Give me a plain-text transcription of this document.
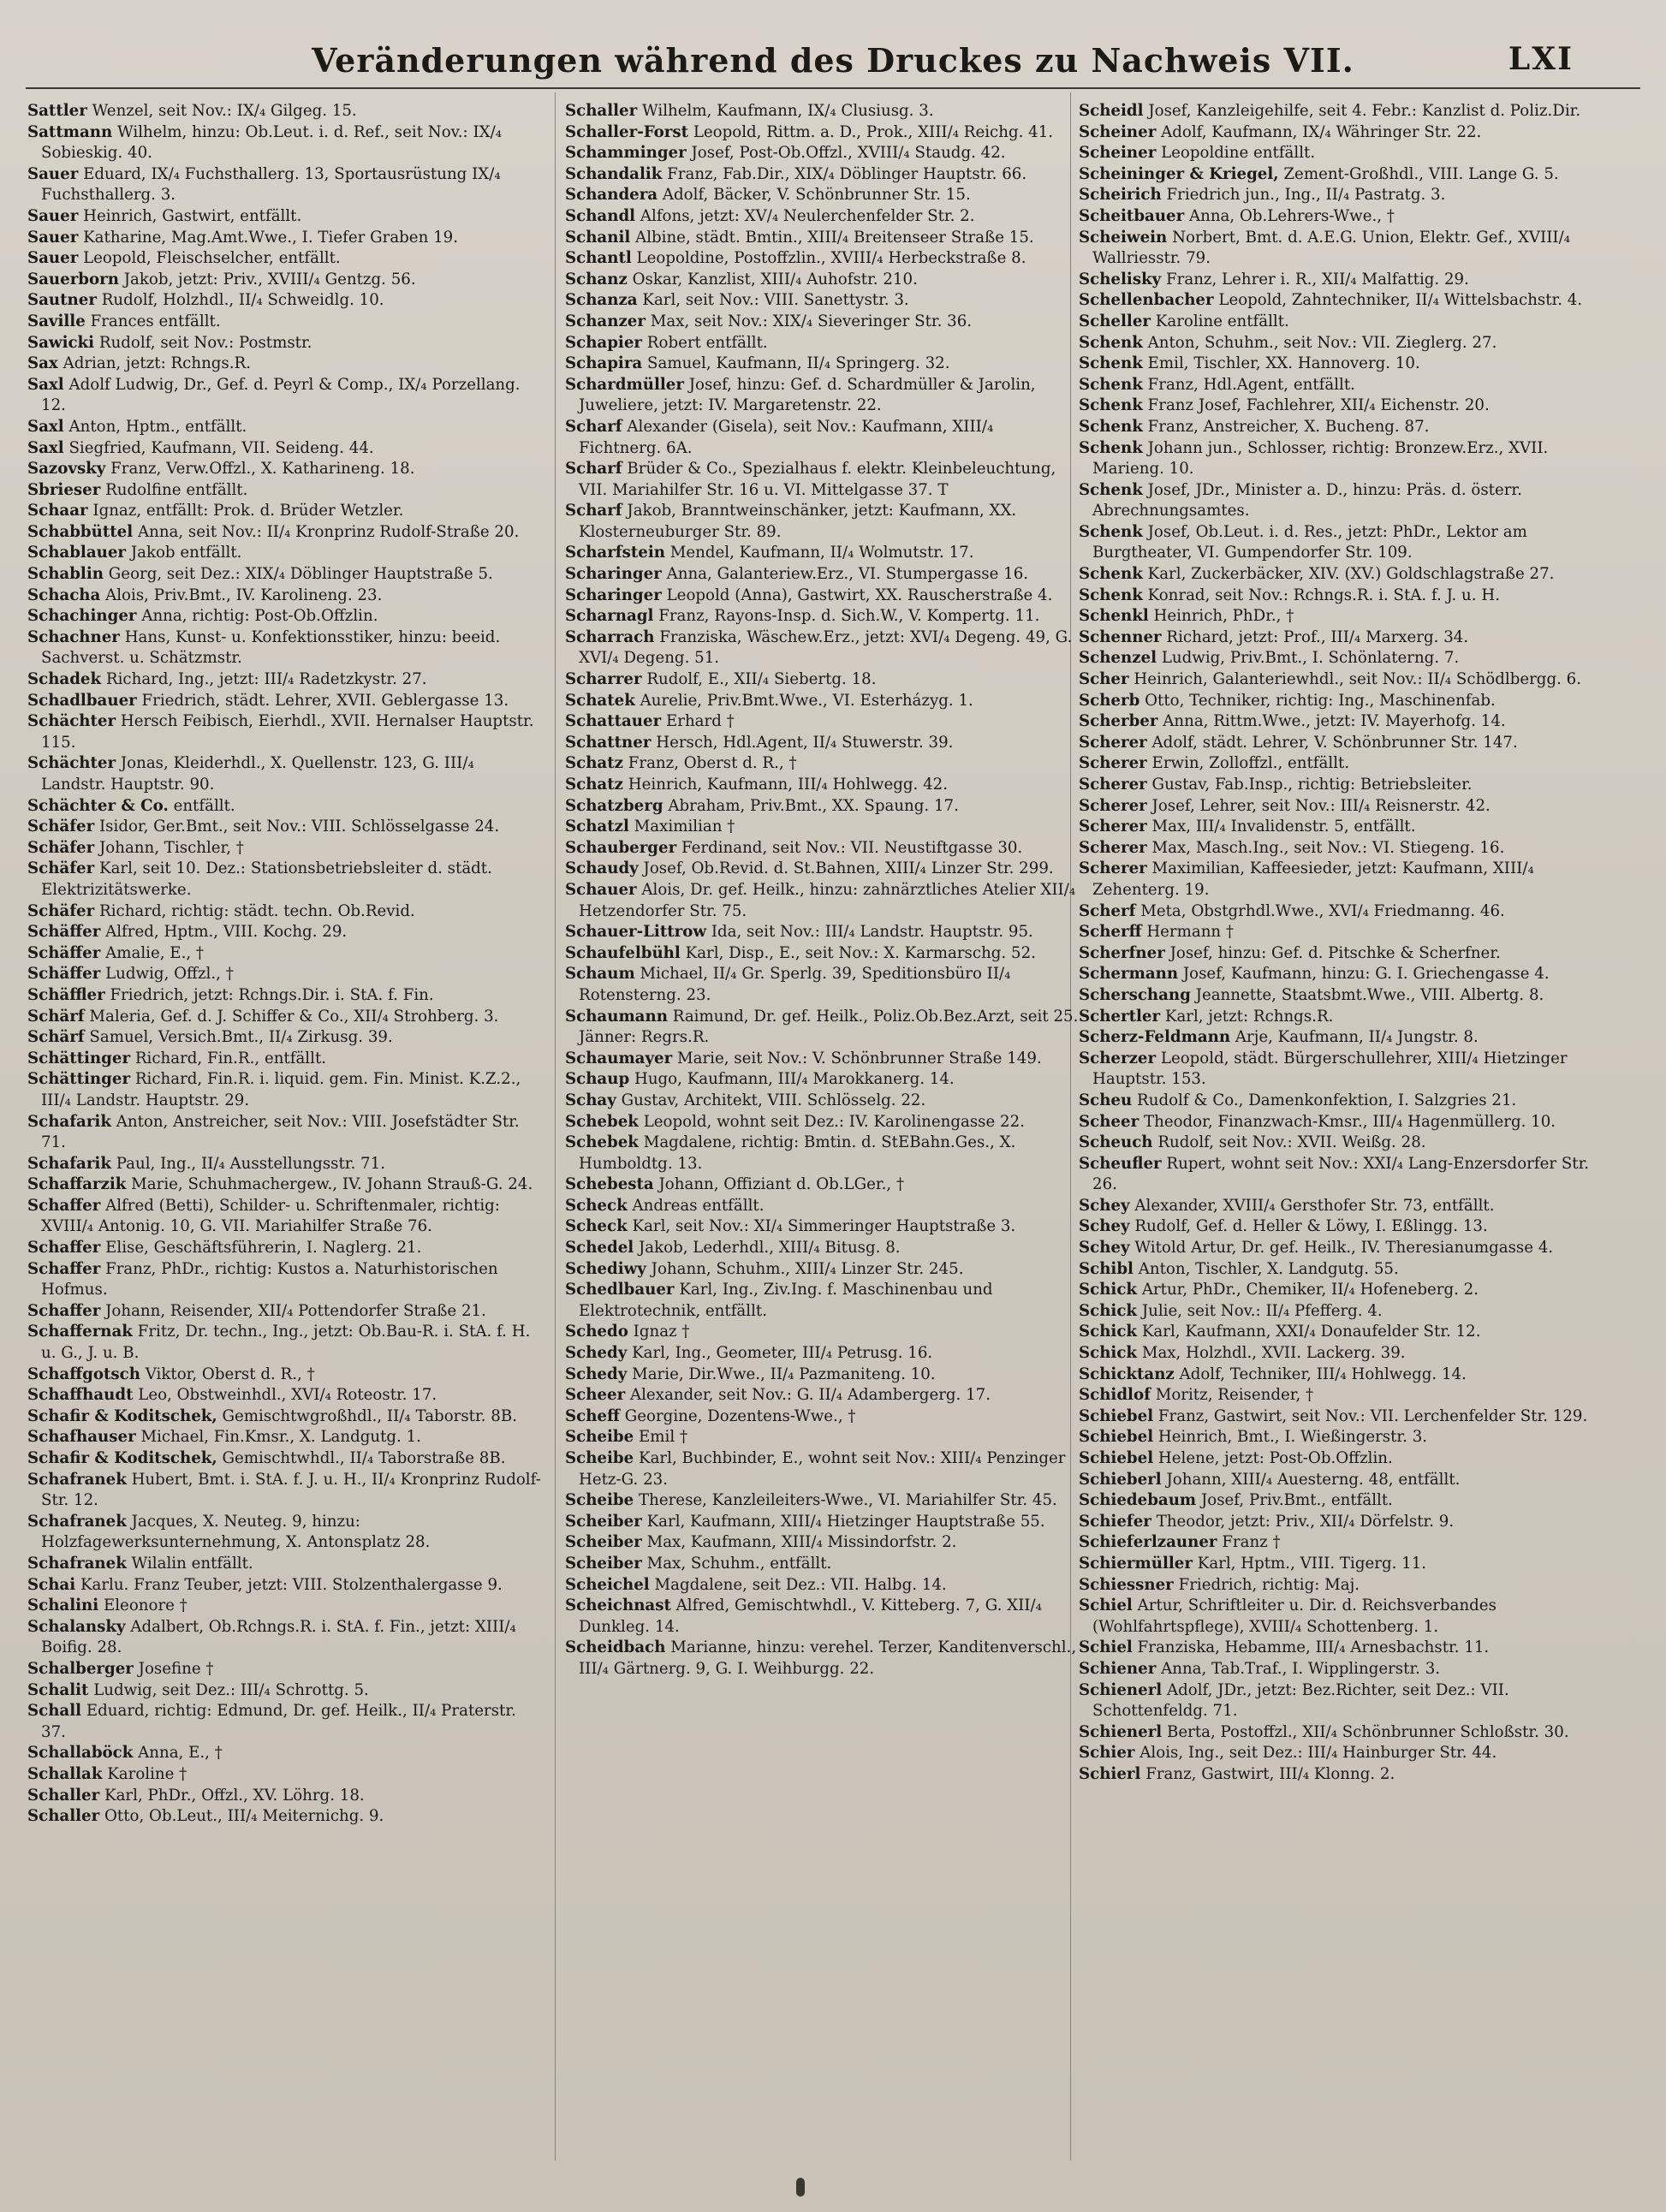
Veränderungen während des Druckes zu Nachweis VII.	LXI
Sattler Wenzel, seit Nov.: IX/₄ Gilgeg. 15.
Sattmann Wilhelm, hinzu: Ob.Leut. i. d. Ref., seit Nov.: IX/₄ Sobieskig. 40.
Sauer Eduard, IX/₄ Fuchsthallerg. 13, Sportausrüstung IX/₄ Fuchsthallerg. 3.
Sauer Heinrich, Gastwirt, entfällt.
Sauer Katharine, Mag.Amt.Wwe., I. Tiefer Graben 19.
Sauer Leopold, Fleischselcher, entfällt.
Sauerborn Jakob, jetzt: Priv., XVIII/₄ Gentzg. 56.
Sautner Rudolf, Holzhdl., II/₄ Schweidlg. 10.
Saville Frances entfällt.
Sawicki Rudolf, seit Nov.: Postmstr.
Sax Adrian, jetzt: Rchngs.R.
Saxl Adolf Ludwig, Dr., Gef. d. Peyrl & Comp., IX/₄ Porzellang. 12.
Saxl Anton, Hptm., entfällt.
Saxl Siegfried, Kaufmann, VII. Seideng. 44.
Sazovsky Franz, Verw.Offzl., X. Katharineng. 18.
Sbrieser Rudolfine entfällt.
Schaar Ignaz, entfällt: Prok. d. Brüder Wetzler.
Schabbüttel Anna, seit Nov.: II/₄ Kronprinz Rudolf-Straße 20.
Schablauer Jakob entfällt.
Schablin Georg, seit Dez.: XIX/₄ Döblinger Hauptstraße 5.
Schacha Alois, Priv.Bmt., IV. Karolineng. 23.
Schachinger Anna, richtig: Post-Ob.Offzlin.
Schachner Hans, Kunst- u. Konfektionsstiker, hinzu: beeid. Sachverst. u. Schätzmstr.
Schadek Richard, Ing., jetzt: III/₄ Radetzkystr. 27.
Schadlbauer Friedrich, städt. Lehrer, XVII. Geblergasse 13.
Schächter Hersch Feibisch, Eierhdl., XVII. Hernalser Hauptstr. 115.
Schächter Jonas, Kleiderhdl., X. Quellenstr. 123, G. III/₄ Landstr. Hauptstr. 90.
Schächter & Co. entfällt.
Schäfer Isidor, Ger.Bmt., seit Nov.: VIII. Schlösselgasse 24.
Schäfer Johann, Tischler, †
Schäfer Karl, seit 10. Dez.: Stationsbetriebsleiter d. städt. Elektrizitätswerke.
Schäfer Richard, richtig: städt. techn. Ob.Revid.
Schäffer Alfred, Hptm., VIII. Kochg. 29.
Schäffer Amalie, E., †
Schäffer Ludwig, Offzl., †
Schäffler Friedrich, jetzt: Rchngs.Dir. i. StA. f. Fin.
Schärf Maleria, Gef. d. J. Schiffer & Co., XII/₄ Strohberg. 3.
Schärf Samuel, Versich.Bmt., II/₄ Zirkusg. 39.
Schättinger Richard, Fin.R., entfällt.
Schättinger Richard, Fin.R. i. liquid. gem. Fin. Minist. K.Z.2., III/₄ Landstr. Hauptstr. 29.
Schafarik Anton, Anstreicher, seit Nov.: VIII. Josefstädter Str. 71.
Schafarik Paul, Ing., II/₄ Ausstellungsstr. 71.
Schaffarzik Marie, Schuhmachergew., IV. Johann Strauß-G. 24.
Schaffer Alfred (Betti), Schilder- u. Schriftenmaler, richtig: XVIII/₄ Antonig. 10, G. VII. Mariahilfer Straße 76.
Schaffer Elise, Geschäftsführerin, I. Naglerg. 21.
Schaffer Franz, PhDr., richtig: Kustos a. Naturhistorischen Hofmus.
Schaffer Johann, Reisender, XII/₄ Pottendorfer Straße 21.
Schaffernak Fritz, Dr. techn., Ing., jetzt: Ob.Bau-R. i. StA. f. H. u. G., J. u. B.
Schaffgotsch Viktor, Oberst d. R., †
Schaffhaudt Leo, Obstweinhdl., XVI/₄ Roteostr. 17.
Schafir & Koditschek, Gemischtwgroßhdl., II/₄ Taborstr. 8B.
Schafhauser Michael, Fin.Kmsr., X. Landgutg. 1.
Schafir & Koditschek, Gemischtwhdl., II/₄ Taborstraße 8B.
Schafranek Hubert, Bmt. i. StA. f. J. u. H., II/₄ Kronprinz Rudolf-Str. 12.
Schafranek Jacques, X. Neuteg. 9, hinzu: Holzfagewerksunternehmung, X. Antonsplatz 28.
Schafranek Wilalin entfällt.
Schai Karlu. Franz Teuber, jetzt: VIII. Stolzenthalergasse 9.
Schalini Eleonore †
Schalansky Adalbert, Ob.Rchngs.R. i. StA. f. Fin., jetzt: XIII/₄ Boifig. 28.
Schalberger Josefine †
Schalit Ludwig, seit Dez.: III/₄ Schrottg. 5.
Schall Eduard, richtig: Edmund, Dr. gef. Heilk., II/₄ Praterstr. 37.
Schallaböck Anna, E., †
Schallak Karoline †
Schaller Karl, PhDr., Offzl., XV. Löhrg. 18.
Schaller Otto, Ob.Leut., III/₄ Meiternichg. 9.
Schaller Wilhelm, Kaufmann, IX/₄ Clusiusg. 3.
Schaller-Forst Leopold, Rittm. a. D., Prok., XIII/₄ Reichg. 41.
Schamminger Josef, Post-Ob.Offzl., XVIII/₄ Staudg. 42.
Schandalik Franz, Fab.Dir., XIX/₄ Döblinger Hauptstr. 66.
Schandera Adolf, Bäcker, V. Schönbrunner Str. 15.
Schandl Alfons, jetzt: XV/₄ Neulerchenfelder Str. 2.
Schanil Albine, städt. Bmtin., XIII/₄ Breitenseer Straße 15.
Schantl Leopoldine, Postoffzlin., XVIII/₄ Herbeckstraße 8.
Schanz Oskar, Kanzlist, XIII/₄ Auhofstr. 210.
Schanza Karl, seit Nov.: VIII. Sanettystr. 3.
Schanzer Max, seit Nov.: XIX/₄ Sieveringer Str. 36.
Schapier Robert entfällt.
Schapira Samuel, Kaufmann, II/₄ Springerg. 32.
Schardmüller Josef, hinzu: Gef. d. Schardmüller & Jarolin, Juweliere, jetzt: IV. Margaretenstr. 22.
Scharf Alexander (Gisela), seit Nov.: Kaufmann, XIII/₄ Fichtnerg. 6A.
Scharf Brüder & Co., Spezialhaus f. elektr. Kleinbeleuchtung, VII. Mariahilfer Str. 16 u. VI. Mittelgasse 37. T
Scharf Jakob, Branntweinschänker, jetzt: Kaufmann, XX. Klosterneuburger Str. 89.
Scharfstein Mendel, Kaufmann, II/₄ Wolmutstr. 17.
Scharinger Anna, Galanteriew.Erz., VI. Stumpergasse 16.
Scharinger Leopold (Anna), Gastwirt, XX. Rauscherstraße 4.
Scharnagl Franz, Rayons-Insp. d. Sich.W., V. Kompertg. 11.
Scharrach Franziska, Wäschew.Erz., jetzt: XVI/₄ Degeng. 49, G. XVI/₄ Degeng. 51.
Scharrer Rudolf, E., XII/₄ Siebertg. 18.
Schatek Aurelie, Priv.Bmt.Wwe., VI. Esterházyg. 1.
Schattauer Erhard †
Schattner Hersch, Hdl.Agent, II/₄ Stuwerstr. 39.
Schatz Franz, Oberst d. R., †
Schatz Heinrich, Kaufmann, III/₄ Hohlwegg. 42.
Schatzberg Abraham, Priv.Bmt., XX. Spaung. 17.
Schatzl Maximilian †
Schauberger Ferdinand, seit Nov.: VII. Neustiftgasse 30.
Schaudy Josef, Ob.Revid. d. St.Bahnen, XIII/₄ Linzer Str. 299.
Schauer Alois, Dr. gef. Heilk., hinzu: zahnärztliches Atelier XII/₄ Hetzendorfer Str. 75.
Schauer-Littrow Ida, seit Nov.: III/₄ Landstr. Hauptstr. 95.
Schaufelbühl Karl, Disp., E., seit Nov.: X. Karmarschg. 52.
Schaum Michael, II/₄ Gr. Sperlg. 39, Speditionsbüro II/₄ Rotensterng. 23.
Schaumann Raimund, Dr. gef. Heilk., Poliz.Ob.Bez.Arzt, seit 25. Jänner: Regrs.R.
Schaumayer Marie, seit Nov.: V. Schönbrunner Straße 149.
Schaup Hugo, Kaufmann, III/₄ Marokkanerg. 14.
Schay Gustav, Architekt, VIII. Schlösselg. 22.
Schebek Leopold, wohnt seit Dez.: IV. Karolinengasse 22.
Schebek Magdalene, richtig: Bmtin. d. StEBahn.Ges., X. Humboldtg. 13.
Schebesta Johann, Offiziant d. Ob.LGer., †
Scheck Andreas entfällt.
Scheck Karl, seit Nov.: XI/₄ Simmeringer Hauptstraße 3.
Schedel Jakob, Lederhdl., XIII/₄ Bitusg. 8.
Schediwy Johann, Schuhm., XIII/₄ Linzer Str. 245.
Schedlbauer Karl, Ing., Ziv.Ing. f. Maschinenbau und Elektrotechnik, entfällt.
Schedo Ignaz †
Schedy Karl, Ing., Geometer, III/₄ Petrusg. 16.
Schedy Marie, Dir.Wwe., II/₄ Pazmaniteng. 10.
Scheer Alexander, seit Nov.: G. II/₄ Adambergerg. 17.
Scheff Georgine, Dozentens-Wwe., †
Scheibe Emil †
Scheibe Karl, Buchbinder, E., wohnt seit Nov.: XIII/₄ Penzinger Hetz-G. 23.
Scheibe Therese, Kanzleileiters-Wwe., VI. Mariahilfer Str. 45.
Scheiber Karl, Kaufmann, XIII/₄ Hietzinger Hauptstraße 55.
Scheiber Max, Kaufmann, XIII/₄ Missindorfstr. 2.
Scheiber Max, Schuhm., entfällt.
Scheichel Magdalene, seit Dez.: VII. Halbg. 14.
Scheichnast Alfred, Gemischtwhdl., V. Kitteberg. 7, G. XII/₄ Dunkleg. 14.
Scheidbach Marianne, hinzu: verehel. Terzer, Kanditenverschl., III/₄ Gärtnerg. 9, G. I. Weihburgg. 22.
Scheidl Josef, Kanzleigehilfe, seit 4. Febr.: Kanzlist d. Poliz.Dir.
Scheiner Adolf, Kaufmann, IX/₄ Währinger Str. 22.
Scheiner Leopoldine entfällt.
Scheininger & Kriegel, Zement-Großhdl., VIII. Lange G. 5.
Scheirich Friedrich jun., Ing., II/₄ Pastratg. 3.
Scheitbauer Anna, Ob.Lehrers-Wwe., †
Scheiwein Norbert, Bmt. d. A.E.G. Union, Elektr. Gef., XVIII/₄ Wallriesstr. 79.
Schelisky Franz, Lehrer i. R., XII/₄ Malfattig. 29.
Schellenbacher Leopold, Zahntechniker, II/₄ Wittelsbachstr. 4.
Scheller Karoline entfällt.
Schenk Anton, Schuhm., seit Nov.: VII. Zieglerg. 27.
Schenk Emil, Tischler, XX. Hannoverg. 10.
Schenk Franz, Hdl.Agent, entfällt.
Schenk Franz Josef, Fachlehrer, XII/₄ Eichenstr. 20.
Schenk Franz, Anstreicher, X. Bucheng. 87.
Schenk Johann jun., Schlosser, richtig: Bronzew.Erz., XVII. Marieng. 10.
Schenk Josef, JDr., Minister a. D., hinzu: Präs. d. österr. Abrechnungsamtes.
Schenk Josef, Ob.Leut. i. d. Res., jetzt: PhDr., Lektor am Burgtheater, VI. Gumpendorfer Str. 109.
Schenk Karl, Zuckerbäcker, XIV. (XV.) Goldschlagstraße 27.
Schenk Konrad, seit Nov.: Rchngs.R. i. StA. f. J. u. H.
Schenkl Heinrich, PhDr., †
Schenner Richard, jetzt: Prof., III/₄ Marxerg. 34.
Schenzel Ludwig, Priv.Bmt., I. Schönlaterng. 7.
Scher Heinrich, Galanteriewhdl., seit Nov.: II/₄ Schödlbergg. 6.
Scherb Otto, Techniker, richtig: Ing., Maschinenfab.
Scherber Anna, Rittm.Wwe., jetzt: IV. Mayerhofg. 14.
Scherer Adolf, städt. Lehrer, V. Schönbrunner Str. 147.
Scherer Erwin, Zolloffzl., entfällt.
Scherer Gustav, Fab.Insp., richtig: Betriebsleiter.
Scherer Josef, Lehrer, seit Nov.: III/₄ Reisnerstr. 42.
Scherer Max, III/₄ Invalidenstr. 5, entfällt.
Scherer Max, Masch.Ing., seit Nov.: VI. Stiegeng. 16.
Scherer Maximilian, Kaffeesieder, jetzt: Kaufmann, XIII/₄ Zehenterg. 19.
Scherf Meta, Obstgrhdl.Wwe., XVI/₄ Friedmanng. 46.
Scherff Hermann †
Scherfner Josef, hinzu: Gef. d. Pitschke & Scherfner.
Schermann Josef, Kaufmann, hinzu: G. I. Griechengasse 4.
Scherschang Jeannette, Staatsbmt.Wwe., VIII. Albertg. 8.
Schertler Karl, jetzt: Rchngs.R.
Scherz-Feldmann Arje, Kaufmann, II/₄ Jungstr. 8.
Scherzer Leopold, städt. Bürgerschullehrer, XIII/₄ Hietzinger Hauptstr. 153.
Scheu Rudolf & Co., Damenkonfektion, I. Salzgries 21.
Scheer Theodor, Finanzwach-Kmsr., III/₄ Hagenmüllerg. 10.
Scheuch Rudolf, seit Nov.: XVII. Weißg. 28.
Scheufler Rupert, wohnt seit Nov.: XXI/₄ Lang-Enzersdorfer Str. 26.
Schey Alexander, XVIII/₄ Gersthofer Str. 73, entfällt.
Schey Rudolf, Gef. d. Heller & Löwy, I. Eßlingg. 13.
Schey Witold Artur, Dr. gef. Heilk., IV. Theresianumgasse 4.
Schibl Anton, Tischler, X. Landgutg. 55.
Schick Artur, PhDr., Chemiker, II/₄ Hofeneberg. 2.
Schick Julie, seit Nov.: II/₄ Pfefferg. 4.
Schick Karl, Kaufmann, XXI/₄ Donaufelder Str. 12.
Schick Max, Holzhdl., XVII. Lackerg. 39.
Schicktanz Adolf, Techniker, III/₄ Hohlwegg. 14.
Schidlof Moritz, Reisender, †
Schiebel Franz, Gastwirt, seit Nov.: VII. Lerchenfelder Str. 129.
Schiebel Heinrich, Bmt., I. Wießingerstr. 3.
Schiebel Helene, jetzt: Post-Ob.Offzlin.
Schieberl Johann, XIII/₄ Auesterng. 48, entfällt.
Schiedebaum Josef, Priv.Bmt., entfällt.
Schiefer Theodor, jetzt: Priv., XII/₄ Dörfelstr. 9.
Schieferlzauner Franz †
Schiermüller Karl, Hptm., VIII. Tigerg. 11.
Schiessner Friedrich, richtig: Maj.
Schiel Artur, Schriftleiter u. Dir. d. Reichsverbandes (Wohlfahrtspflege), XVIII/₄ Schottenberg. 1.
Schiel Franziska, Hebamme, III/₄ Arnesbachstr. 11.
Schiener Anna, Tab.Traf., I. Wipplingerstr. 3.
Schienerl Adolf, JDr., jetzt: Bez.Richter, seit Dez.: VII. Schottenfeldg. 71.
Schienerl Berta, Postoffzl., XII/₄ Schönbrunner Schloßstr. 30.
Schier Alois, Ing., seit Dez.: III/₄ Hainburger Str. 44.
Schierl Franz, Gastwirt, III/₄ Klonng. 2.
